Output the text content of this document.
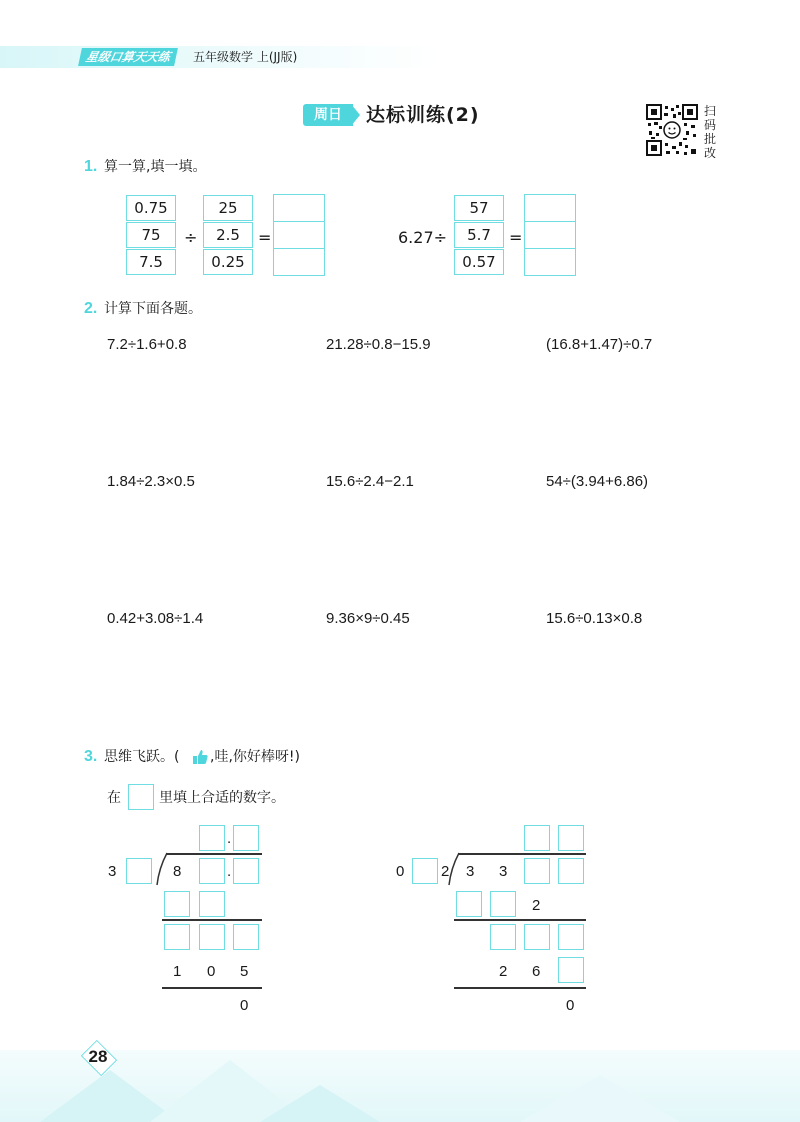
星级口算天天练	五年级数学 上(JJ版)
周日	达标训练(2)	扫码批改
1. 算一算,填一填。
0.75
75
7.5
÷
25
2.5
0.25
=	6.27÷
57
5.7
0.57
=
2. 计算下面各题。
7.2÷1.6+0.8	21.28÷0.8−15.9	(16.8+1.47)÷0.7
1.84÷2.3×0.5	15.6÷2.4−2.1	54÷(3.94+6.86)
0.42+3.08÷1.4	9.36×9÷0.45	15.6÷0.13×0.8
3. 思维飞跃。( ,哇,你好棒呀!)
在	里填上合适的数字。
.
3	8	.
1 0 5
0
0 2 3 3
2
2 6
0
28
